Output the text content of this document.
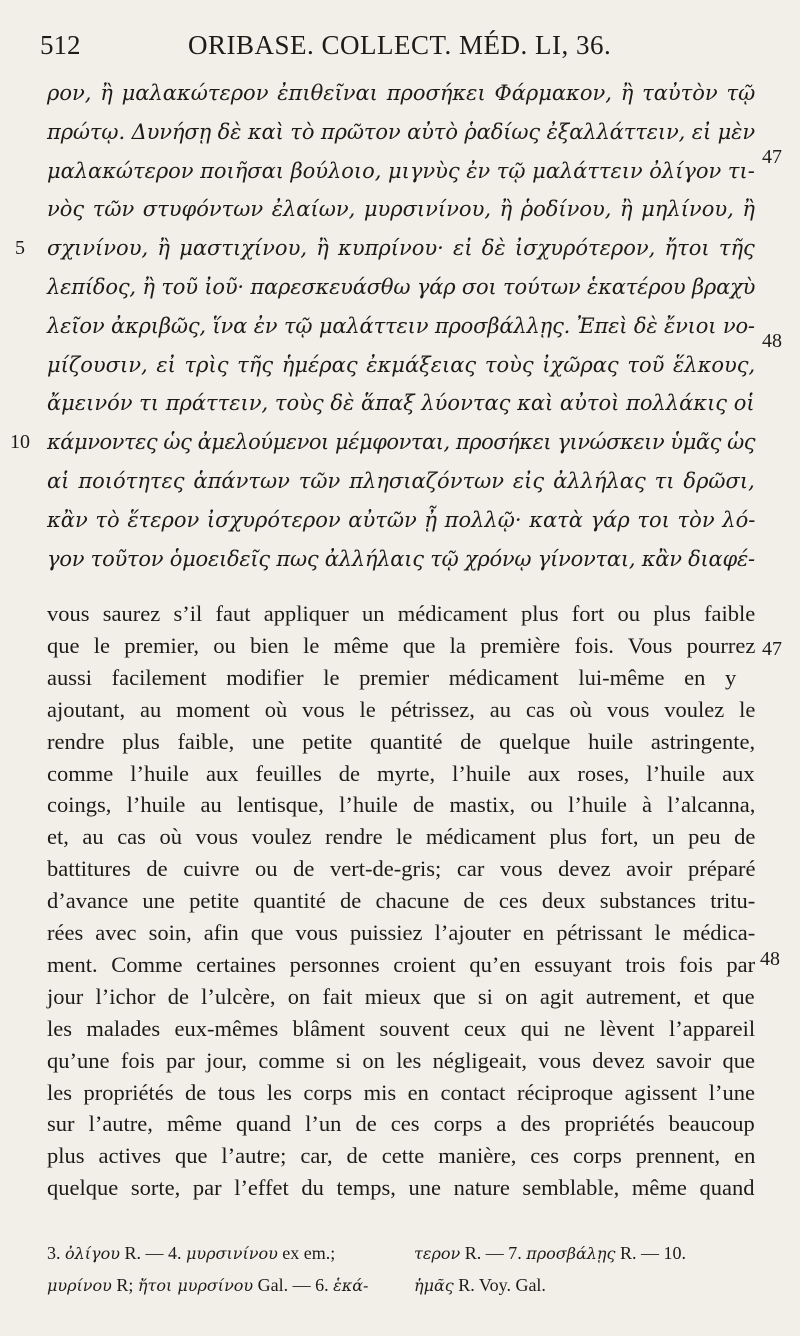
512	ORIBASE. COLLECT. MÉD. LI, 36.
47
48
ρον, ἢ μαλακώτερον ἐπιθεῖναι προσήκει Φάρμακον, ἢ ταὐτὸν τῷ
πρώτῳ. Δυνήσῃ δὲ καὶ τὸ πρῶτον αὐτὸ ῥαδίως ἐξαλλάττειν, εἰ μὲν
μαλακώτερον ποιῆσαι βούλοιο, μιγνὺς ἐν τῷ μαλάττειν ὀλίγον τι-
νὸς τῶν στυφόντων ἐλαίων, μυρσινίνου, ἢ ῥοδίνου, ἢ μηλίνου, ἢ
σχινίνου, ἢ μαστιχίνου, ἢ κυπρίνου· εἰ δὲ ἰσχυρότερον, ἤτοι τῆς
5
λεπίδος, ἢ τοῦ ἰοῦ· παρεσκευάσθω γάρ σοι τούτων ἑκατέρου βραχὺ
λεῖον ἀκριβῶς, ἵνα ἐν τῷ μαλάττειν προσβάλλῃς. Ἐπεὶ δὲ ἔνιοι νο-
μίζουσιν, εἰ τρὶς τῆς ἡμέρας ἐκμάξειας τοὺς ἰχῶρας τοῦ ἕλκους,
ἄμεινόν τι πράττειν, τοὺς δὲ ἅπαξ λύοντας καὶ αὐτοὶ πολλάκις οἱ
κάμνοντες ὡς ἀμελούμενοι μέμφονται, προσήκει γινώσκειν ὑμᾶς ὡς
10
αἱ ποιότητες ἁπάντων τῶν πλησιαζόντων εἰς ἀλλήλας τι δρῶσι,
κἂν τὸ ἕτερον ἰσχυρότερον αὐτῶν ᾖ πολλῷ· κατὰ γάρ τοι τὸν λό-
γον τοῦτον ὁμοειδεῖς πως ἀλλήλαις τῷ χρόνῳ γίνονται, κἂν διαφέ-
47
48
vous saurez s’il faut appliquer un médicament plus fort ou plus faible
que le premier, ou bien le même que la première fois. Vous pourrez
aussi facilement modifier le premier médicament lui-même en y
ajoutant, au moment où vous le pétrissez, au cas où vous voulez le
rendre plus faible, une petite quantité de quelque huile astringente,
comme l’huile aux feuilles de myrte, l’huile aux roses, l’huile aux
coings, l’huile au lentisque, l’huile de mastix, ou l’huile à l’alcanna,
et, au cas où vous voulez rendre le médicament plus fort, un peu de
battitures de cuivre ou de vert-de-gris; car vous devez avoir préparé
d’avance une petite quantité de chacune de ces deux substances tritu-
rées avec soin, afin que vous puissiez l’ajouter en pétrissant le médica-
ment. Comme certaines personnes croient qu’en essuyant trois fois par
jour l’ichor de l’ulcère, on fait mieux que si on agit autrement, et que
les malades eux-mêmes blâment souvent ceux qui ne lèvent l’appareil
qu’une fois par jour, comme si on les négligeait, vous devez savoir que
les propriétés de tous les corps mis en contact réciproque agissent l’une
sur l’autre, même quand l’un de ces corps a des propriétés beaucoup
plus actives que l’autre; car, de cette manière, ces corps prennent, en
quelque sorte, par l’effet du temps, une nature semblable, même quand
3. ὀλίγου R. — 4. μυρσινίνου ex em.;	τερον R. — 7. προσβάλῃς R. — 10.
μυρίνου R; ἤτοι μυρσίνου Gal. — 6. ἑκά-	ἡμᾶς R. Voy. Gal.
